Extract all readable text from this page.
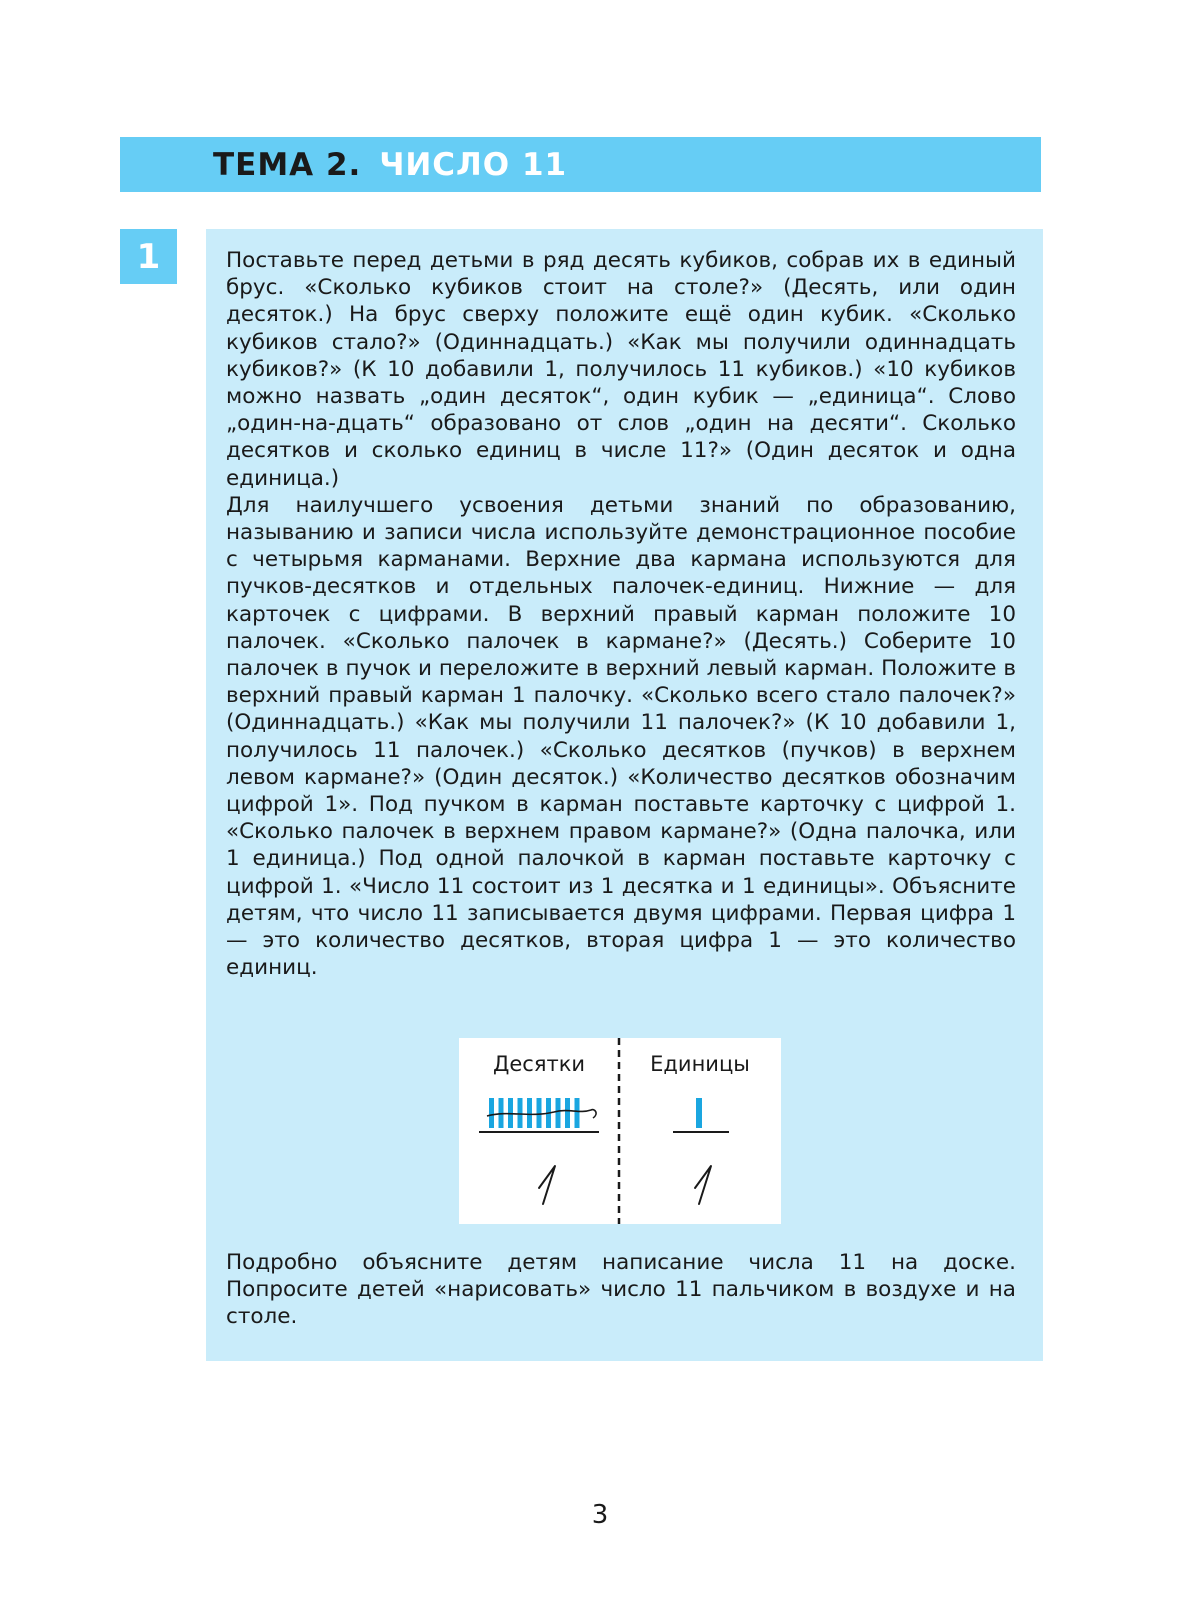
ТЕМА 2. ЧИСЛО 11
1	Поставьте перед детьми в ряд десять кубиков, собрав их в единый брус. «Сколько кубиков стоит на столе?» (Десять, или один десяток.) На брус сверху положите ещё один кубик. «Сколько кубиков стало?» (Одиннадцать.) «Как мы получили одиннадцать кубиков?» (К 10 добавили 1, получилось 11 кубиков.) «10 кубиков можно назвать „один десяток“, один кубик — „единица“. Слово „один-на-дцать“ образовано от слов „один на десяти“. Сколько десятков и сколько единиц в числе 11?» (Один десяток и одна единица.)

Для наилучшего усвоения детьми знаний по образованию, называнию и записи числа используйте демонстрационное пособие с четырьмя карманами. Верхние два кармана используются для пучков-десятков и отдельных палочек-единиц. Нижние — для карточек с цифрами. В верхний правый карман положите 10 палочек. «Сколько палочек в кармане?» (Десять.) Соберите 10 палочек в пучок и переложите в верхний левый карман. Положите в верхний правый карман 1 палочку. «Сколько всего стало палочек?» (Одиннадцать.) «Как мы получили 11 палочек?» (К 10 добавили 1, получилось 11 палочек.) «Сколько десятков (пучков) в верхнем левом кармане?» (Один десяток.) «Количество десятков обозначим цифрой 1». Под пучком в карман поставьте карточку с цифрой 1. «Сколько палочек в верхнем правом кармане?» (Одна палочка, или 1 единица.) Под одной палочкой в карман поставьте карточку с цифрой 1. «Число 11 состоит из 1 десятка и 1 единицы». Объясните детям, что число 11 записывается двумя цифрами. Первая цифра 1 — это количество десятков, вторая цифра 1 — это количество единиц.

Десятки	Единицы

Подробно объясните детям написание числа 11 на доске. Попросите детей «нарисовать» число 11 пальчиком в воздухе и на столе.

3
